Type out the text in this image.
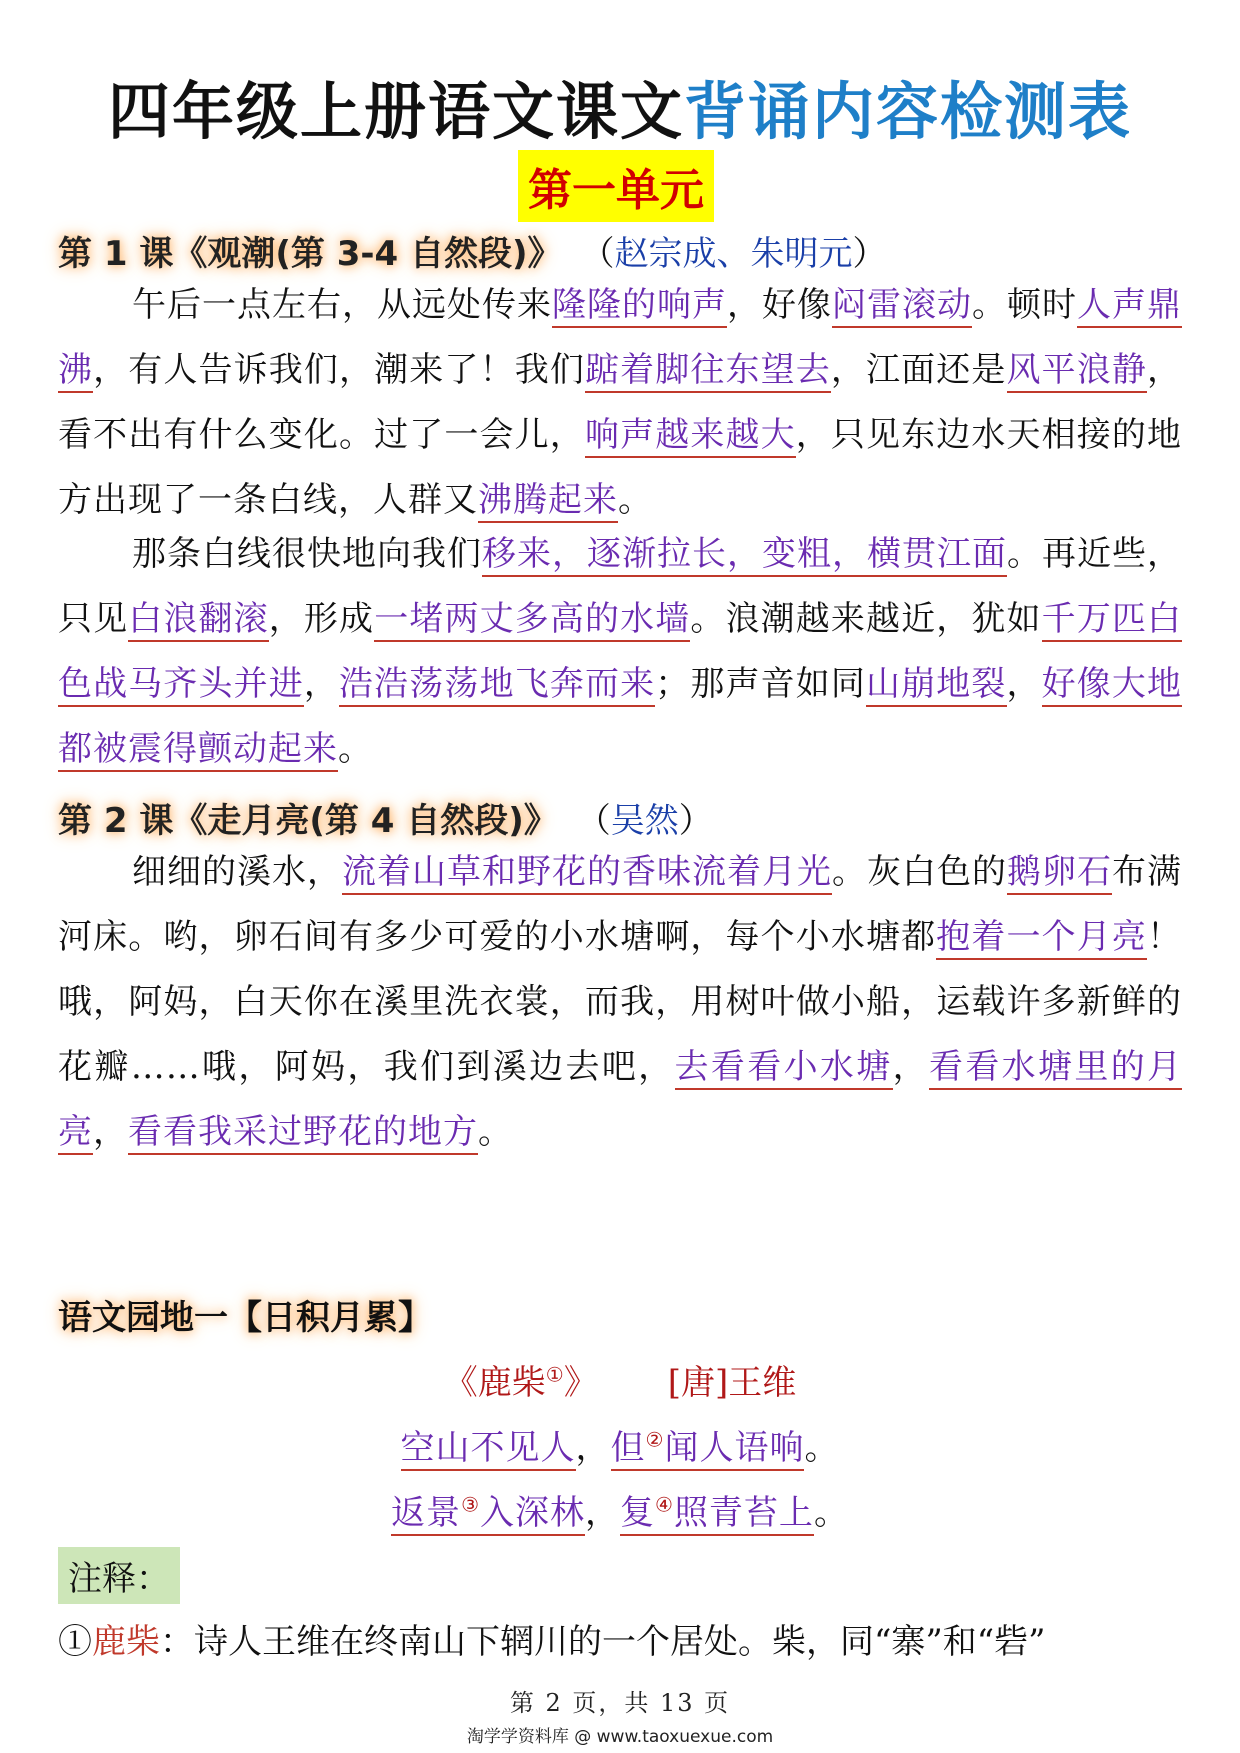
四年级上册语文课文背诵内容检测表
第一单元
第 1 课《观潮(第 3-4 自然段)》 （赵宗成、朱明元）
午后一点左右，从远处传来隆隆的响声，好像闷雷滚动。顿时人声鼎沸，有人告诉我们，潮来了！我们踮着脚往东望去，江面还是风平浪静，看不出有什么变化。过了一会儿，响声越来越大，只见东边水天相接的地方出现了一条白线，人群又沸腾起来。
那条白线很快地向我们移来，逐渐拉长，变粗，横贯江面。再近些，只见白浪翻滚，形成一堵两丈多高的水墙。浪潮越来越近，犹如千万匹白色战马齐头并进，浩浩荡荡地飞奔而来；那声音如同山崩地裂，好像大地都被震得颤动起来。
第 2 课《走月亮(第 4 自然段)》 （吴然）
细细的溪水，流着山草和野花的香味流着月光。灰白色的鹅卵石布满河床。哟，卵石间有多少可爱的小水塘啊，每个小水塘都抱着一个月亮！哦，阿妈，白天你在溪里洗衣裳，而我，用树叶做小船，运载许多新鲜的花瓣……哦，阿妈，我们到溪边去吧，去看看小水塘，看看水塘里的月亮，看看我采过野花的地方。
语文园地一【日积月累】
《鹿柴①》 [唐]王维
空山不见人，但②闻人语响。
返景③入深林，复④照青苔上。
注释：
①鹿柴：诗人王维在终南山下辋川的一个居处。柴，同“寨”和“砦”
第 2 页，共 13 页
淘学学资料库 @ www.taoxuexue.com
